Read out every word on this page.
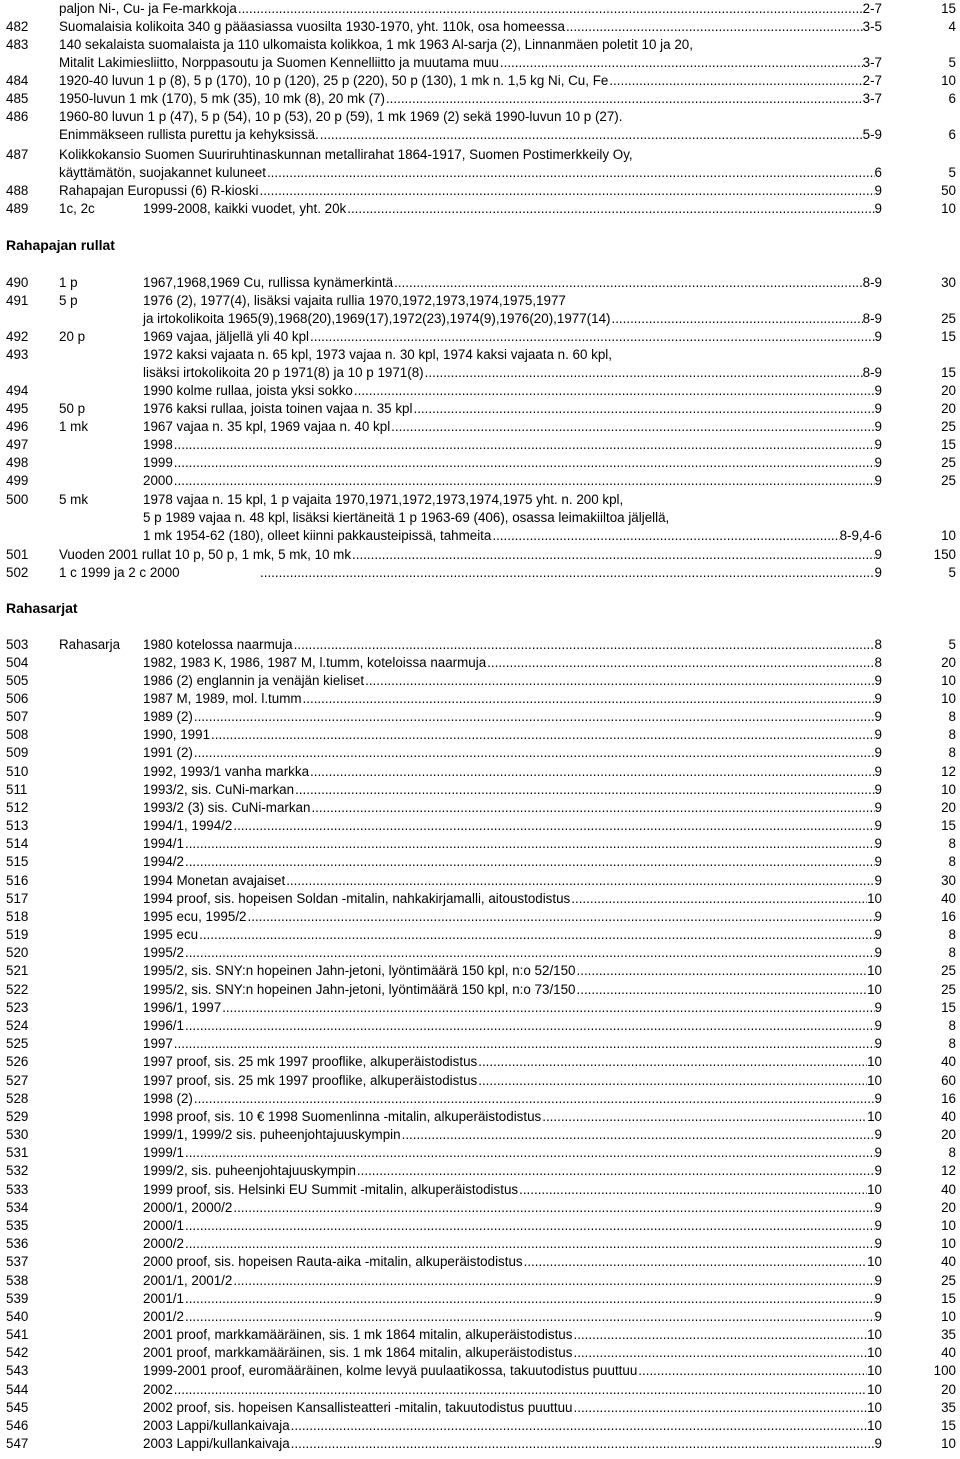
Rahapajan rullat
Rahasarjat
paljon Ni-, Cu- ja Fe-markkoja .....	2-7	15
482 Suomalaisia kolikoita 340 g pääasiassa vuosilta 1930-1970, yht. 110k, osa homeessa .....	3-5	4
483 140 sekalaista suomalaista ja 110 ulkomaista kolikkoa, 1 mk 1963 Al-sarja (2), Linnanmäen poletit 10 ja 20,
Mitalit Lakimiesliitto, Norppasoutu ja Suomen Kennelliitto ja muutama muu .....	3-7	5
484 1920-40 luvun 1 p (8), 5 p (170), 10 p (120), 25 p (220), 50 p (130), 1 mk n. 1,5 kg Ni, Cu, Fe .....	2-7	10
485 1950-luvun 1 mk (170), 5 mk (35), 10 mk (8), 20 mk (7) .....	3-7	6
486 1960-80 luvun 1 p (47), 5 p (54), 10 p (53), 20 p (59), 1 mk 1969 (2) sekä 1990-luvun 10 p (27).
Enimmäkseen rullista purettu ja kehyksissä. .....	5-9	6
487 Kolikkokansio Suomen Suuriruhtinaskunnan metallirahat 1864-1917, Suomen Postimerkkeily Oy,
käyttämätön, suojakannet kuluneet .....	6	5
488 Rahapajan Europussi (6) R-kioski .....	9	50
489 1c, 2c	1999-2008, kaikki vuodet, yht. 20k .....	9	10
490 1 p	1967,1968,1969 Cu, rullissa kynämerkintä .....	8-9	30
491 5 p	1976 (2), 1977(4), lisäksi vajaita rullia 1970,1972,1973,1974,1975,1977
ja irtokolikoita 1965(9),1968(20),1969(17),1972(23),1974(9),1976(20),1977(14) .....	8-9	25
492 20 p	1969 vajaa, jäljellä yli 40 kpl .....	9	15
493	1972 kaksi vajaata n. 65 kpl, 1973 vajaa n. 30 kpl, 1974 kaksi vajaata n. 60 kpl,
lisäksi irtokolikoita 20 p 1971(8) ja 10 p 1971(8) .....	8-9	15
494	1990 kolme rullaa, joista yksi sokko .....	9	20
495 50 p	1976 kaksi rullaa, joista toinen vajaa n. 35 kpl .....	9	20
496 1 mk	1967 vajaa n. 35 kpl, 1969 vajaa n. 40 kpl .....	9	25
497	1998 .....	9	15
498	1999 .....	9	25
499	2000 .....	9	25
500 5 mk	1978 vajaa n. 15 kpl, 1 p vajaita 1970,1971,1972,1973,1974,1975 yht. n. 200 kpl,
5 p 1989 vajaa n. 48 kpl, lisäksi kiertäneitä 1 p 1963-69 (406), osassa leimakiiltoa jäljellä,
1 mk 1954-62 (180), olleet kiinni pakkausteipissä, tahmeita .....	8-9,4-6	10
501 Vuoden 2001 rullat 10 p, 50 p, 1 mk, 5 mk, 10 mk .....	9	150
502 1 c 1999 ja 2 c 2000 .....	9	5
503 Rahasarja 1980 kotelossa naarmuja .....	8	5
504	1982, 1983 K, 1986, 1987 M, l.tumm, koteloissa naarmuja .....	8	20
505	1986 (2) englannin ja venäjän kieliset .....	9	10
506	1987 M, 1989, mol. l.tumm .....	9	10
507	1989 (2) .....	9	8
508	1990, 1991 .....	9	8
509	1991 (2) .....	9	8
510	1992, 1993/1 vanha markka .....	9	12
511	1993/2, sis. CuNi-markan .....	9	10
512	1993/2 (3) sis. CuNi-markan .....	9	20
513	1994/1, 1994/2 .....	9	15
514	1994/1 .....	9	8
515	1994/2 .....	9	8
516	1994 Monetan avajaiset .....	9	30
517	1994 proof, sis. hopeisen Soldan -mitalin, nahkakirjamalli, aitoustodistus .....	10	40
518	1995 ecu, 1995/2 .....	9	16
519	1995 ecu .....	9	8
520	1995/2 .....	9	8
521	1995/2, sis. SNY:n hopeinen Jahn-jetoni, lyöntimäärä 150 kpl, n:o 52/150 .....	10	25
522	1995/2, sis. SNY:n hopeinen Jahn-jetoni, lyöntimäärä 150 kpl, n:o 73/150 .....	10	25
523	1996/1, 1997 .....	9	15
524	1996/1 .....	9	8
525	1997 .....	9	8
526	1997 proof, sis. 25 mk 1997 prooflike, alkuperäistodistus .....	10	40
527	1997 proof, sis. 25 mk 1997 prooflike, alkuperäistodistus .....	10	60
528	1998 (2) .....	9	16
529	1998 proof, sis. 10 € 1998 Suomenlinna -mitalin, alkuperäistodistus .....	10	40
530	1999/1, 1999/2 sis. puheenjohtajuuskympin .....	9	20
531	1999/1 .....	9	8
532	1999/2, sis. puheenjohtajuuskympin .....	9	12
533	1999 proof, sis. Helsinki EU Summit -mitalin, alkuperäistodistus .....	10	40
534	2000/1, 2000/2 .....	9	20
535	2000/1 .....	9	10
536	2000/2 .....	9	10
537	2000 proof, sis. hopeisen Rauta-aika -mitalin, alkuperäistodistus .....	10	40
538	2001/1, 2001/2 .....	9	25
539	2001/1 .....	9	15
540	2001/2 .....	9	10
541	2001 proof, markkamääräinen, sis. 1 mk 1864 mitalin, alkuperäistodistus .....	10	35
542	2001 proof, markkamääräinen, sis. 1 mk 1864 mitalin, alkuperäistodistus .....	10	40
543	1999-2001 proof, euromääräinen, kolme levyä puulaatikossa, takuutodistus puuttuu .....	10	100
544	2002 .....	10	20
545	2002 proof, sis. hopeisen Kansallisteatteri -mitalin, takuutodistus puuttuu .....	10	35
546	2003 Lappi/kullankaivaja .....	10	15
547	2003 Lappi/kullankaivaja .....	9	10
